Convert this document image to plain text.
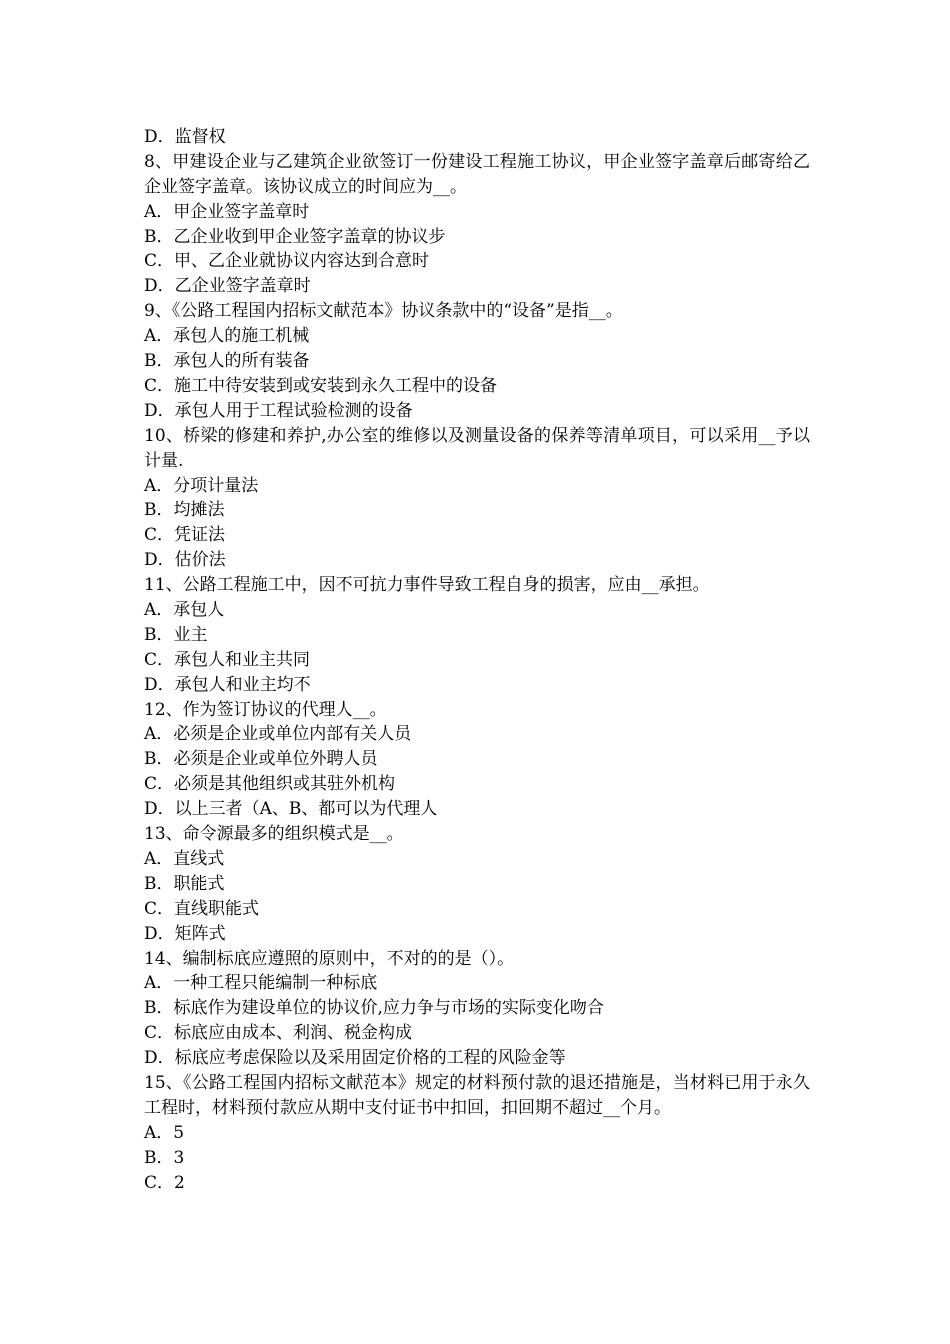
D．监督权
8、甲建设企业与乙建筑企业欲签订一份建设工程施工协议，甲企业签字盖章后邮寄给乙企业签字盖章。该协议成立的时间应为__。
A．甲企业签字盖章时
B．乙企业收到甲企业签字盖章的协议步
C．甲、乙企业就协议内容达到合意时
D．乙企业签字盖章时
9、《公路工程国内招标文献范本》协议条款中的“设备”是指__。
A．承包人的施工机械
B．承包人的所有装备
C．施工中待安装到或安装到永久工程中的设备
D．承包人用于工程试验检测的设备
10、桥梁的修建和养护,办公室的维修以及测量设备的保养等清单项目，可以采用__予以计量.
A．分项计量法
B．均摊法
C．凭证法
D．估价法
11、公路工程施工中，因不可抗力事件导致工程自身的损害，应由__承担。
A．承包人
B．业主
C．承包人和业主共同
D．承包人和业主均不
12、作为签订协议的代理人__。
A．必须是企业或单位内部有关人员
B．必须是企业或单位外聘人员
C．必须是其他组织或其驻外机构
D．以上三者（A、B、都可以为代理人
13、命令源最多的组织模式是__。
A．直线式
B．职能式
C．直线职能式
D．矩阵式
14、编制标底应遵照的原则中，不对的的是（）。
A．一种工程只能编制一种标底
B．标底作为建设单位的协议价,应力争与市场的实际变化吻合
C．标底应由成本、利润、税金构成
D．标底应考虑保险以及采用固定价格的工程的风险金等
15、《公路工程国内招标文献范本》规定的材料预付款的退还措施是，当材料已用于永久工程时，材料预付款应从期中支付证书中扣回，扣回期不超过__个月。
A．5
B．3
C．2
